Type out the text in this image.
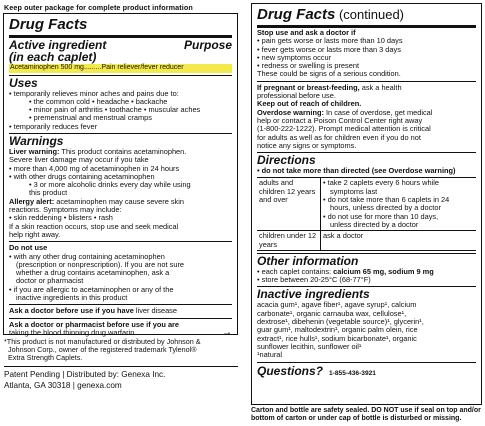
Keep outer package for complete product information
Drug Facts
Active ingredient
(in each caplet)
Purpose
Acetaminophen 500 mg.........Pain reliever/fever reducer
Uses
• temporarily relieves minor aches and pains due to:
• the common cold • headache • backache
• minor pain of arthritis • toothache • muscular aches
• premenstrual and menstrual cramps
• temporarily reduces fever
Warnings
Liver warning: This product contains acetaminophen.
Severe liver damage may occur if you take
• more than 4,000 mg of acetaminophen in 24 hours
• with other drugs containing acetaminophen
• 3 or more alcoholic drinks every day while using
this product
Allergy alert: acetaminophen may cause severe skin
reactions. Symptoms may include:
• skin reddening • blisters • rash
If a skin reaction occurs, stop use and seek medical
help right away.
Do not use
• with any other drug containing acetaminophen
(prescription or nonprescription). If you are not sure
whether a drug contains acetaminophen, ask a
doctor or pharmacist
• if you are allergic to acetaminophen or any of the
inactive ingredients in this product
Ask a doctor before use if you have liver disease
Ask a doctor or pharmacist before use if you are
taking the blood thinning drug warfarin	→
*This product is not manufactured or distributed by Johnson &
Johnson Corp., owner of the registered trademark Tylenol®
Extra Strength Caplets.
Patent Pending | Distributed by: Genexa Inc.
Atlanta, GA 30318 | genexa.com
Drug Facts (continued)
Stop use and ask a doctor if
• pain gets worse or lasts more than 10 days
• fever gets worse or lasts more than 3 days
• new symptoms occur
• redness or swelling is present
These could be signs of a serious condition.
If pregnant or breast-feeding, ask a health
professional before use.
Keep out of reach of children.
Overdose warning: In case of overdose, get medical
help or contact a Poison Control Center right away
(1-800-222-1222). Prompt medical attention is critical
for adults as well as for children even if you do not
notice any signs or symptoms.
Directions
• do not take more than directed (see Overdose warning)
adults and children 12 years and over
• take 2 caplets every 6 hours while
symptoms last
• do not take more than 6 caplets in 24
hours, unless directed by a doctor
• do not use for more than 10 days,
unless directed by a doctor
children under 12 years
ask a doctor
Other information
• each caplet contains: calcium 65 mg, sodium 9 mg
• store between 20-25°C (68-77°F)
Inactive ingredients
acacia gum¹, agave fiber¹, agave syrup¹, calcium
carbonate¹, organic carnauba wax, cellulose¹,
dextrose¹, dibehenin (vegetable source)¹, glycerin¹,
guar gum¹, maltodextrin¹, organic palm olein, rice
extract¹, rice hulls¹, sodium bicarbonate¹, organic
sunflower lecithin, sunflower oil¹
¹natural
Questions? 1-855-436-3921
Carton and bottle are safety sealed. DO NOT use if seal on top and/or bottom of carton or under cap of bottle is disturbed or missing.
